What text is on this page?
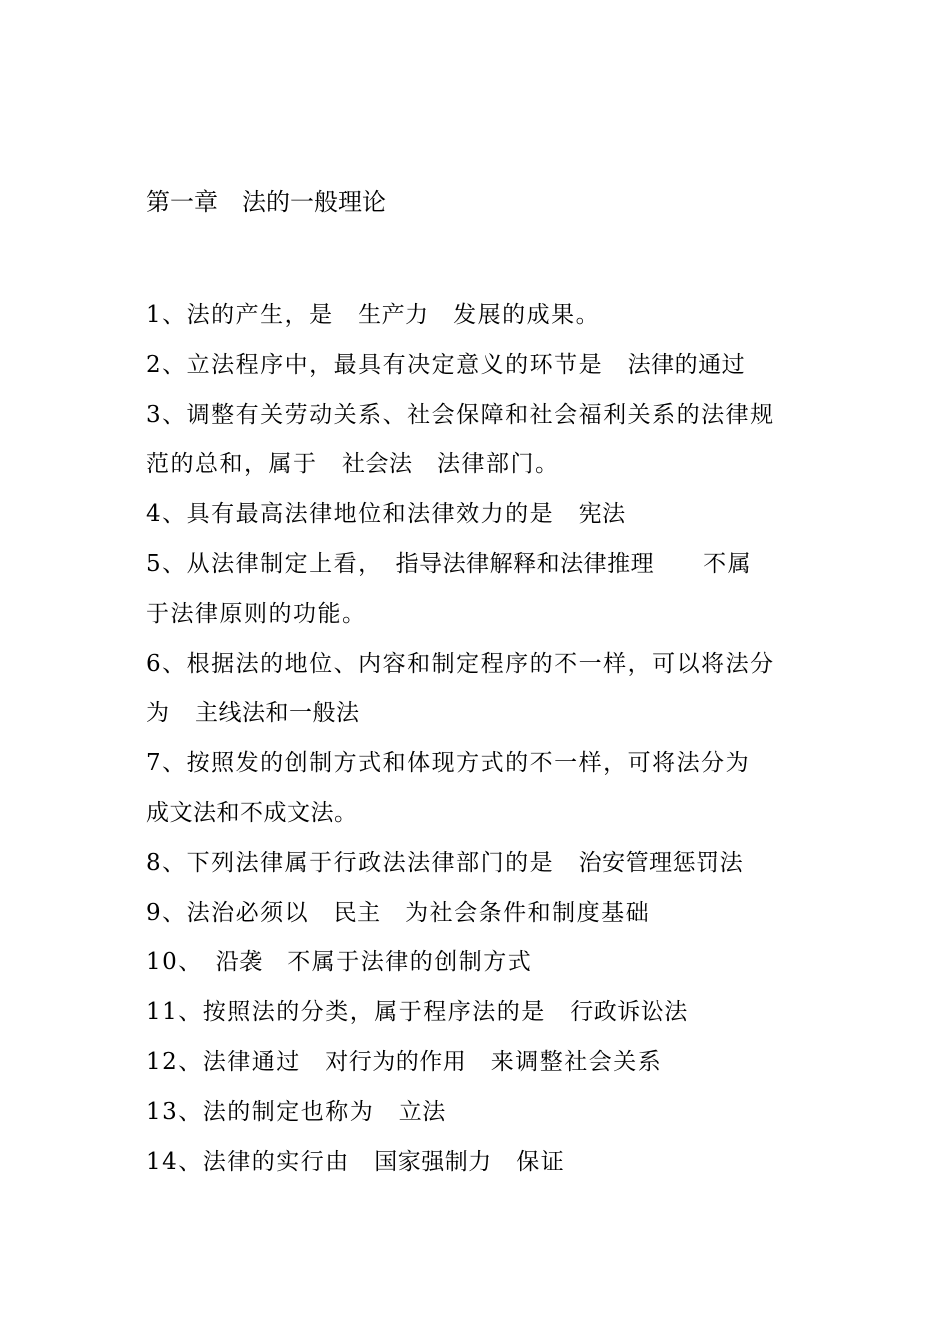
第一章　法的一般理论
1、法的产生，是　生产力　发展的成果。
2、立法程序中，最具有决定意义的环节是　法律的通过
3、调整有关劳动关系、社会保障和社会福利关系的法律规
范的总和，属于　社会法　法律部门。
4、具有最高法律地位和法律效力的是　宪法
5、从法律制定上看，　指导法律解释和法律推理　　不属
于法律原则的功能。
6、根据法的地位、内容和制定程序的不一样，可以将法分
为　主线法和一般法
7、按照发的创制方式和体现方式的不一样，可将法分为
成文法和不成文法。
8、下列法律属于行政法法律部门的是　治安管理惩罚法
9、法治必须以　民主　为社会条件和制度基础
10、　沿袭　不属于法律的创制方式
11、按照法的分类，属于程序法的是　行政诉讼法
12、法律通过　对行为的作用　来调整社会关系
13、法的制定也称为　立法
14、法律的实行由　国家强制力　保证
